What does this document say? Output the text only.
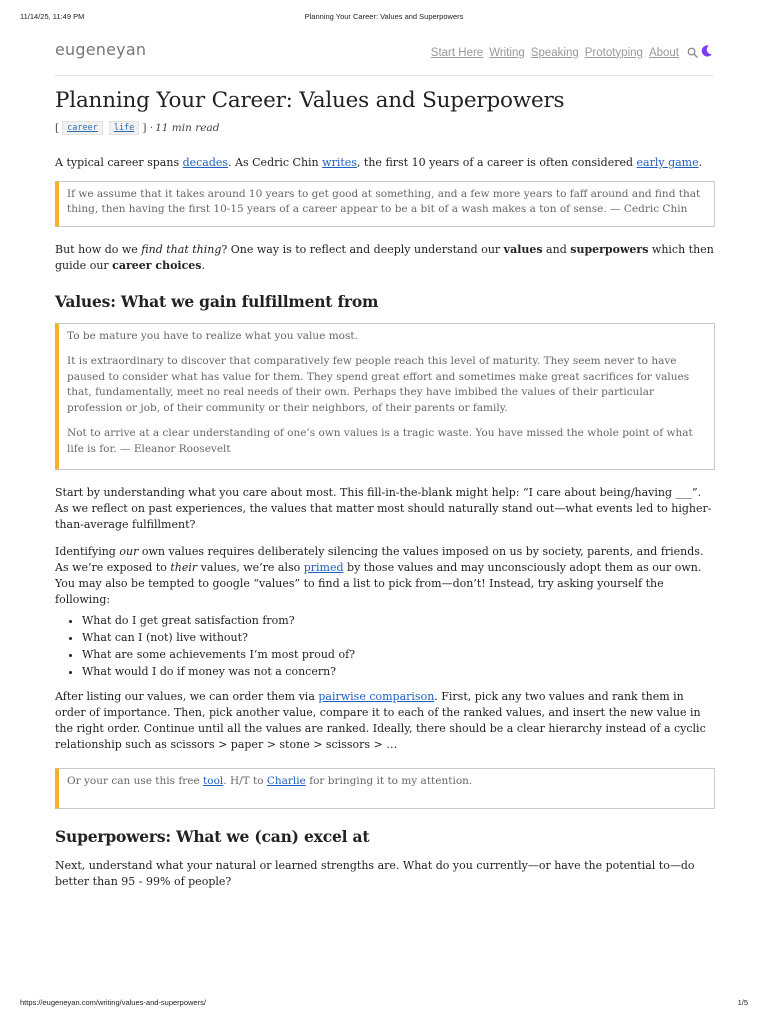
11/14/25, 11:49 PM	Planning Your Career: Values and Superpowers
eugeneyan	Start Here Writing Speaking Prototyping About
Planning Your Career: Values and Superpowers
[ career	life ] · 11 min read

A typical career spans decades. As Cedric Chin writes, the first 10 years of a career is often considered early game.

If we assume that it takes around 10 years to get good at something, and a few more years to faff around and find that thing, then having the first 10-15 years of a career appear to be a bit of a wash makes a ton of sense. — Cedric Chin

But how do we find that thing? One way is to reflect and deeply understand our values and superpowers which then guide our career choices.

Values: What we gain fulfillment from

To be mature you have to realize what you value most.

It is extraordinary to discover that comparatively few people reach this level of maturity. They seem never to have paused to consider what has value for them. They spend great effort and sometimes make great sacrifices for values that, fundamentally, meet no real needs of their own. Perhaps they have imbibed the values of their particular profession or job, of their community or their neighbors, of their parents or family.

Not to arrive at a clear understanding of one’s own values is a tragic waste. You have missed the whole point of what life is for. — Eleanor Roosevelt

Start by understanding what you care about most. This fill-in-the-blank might help: “I care about being/having ___”. As we reflect on past experiences, the values that matter most should naturally stand out—what events led to higher-than-average fulfillment?

Identifying our own values requires deliberately silencing the values imposed on us by society, parents, and friends. As we’re exposed to their values, we’re also primed by those values and may unconsciously adopt them as our own. You may also be tempted to google “values” to find a list to pick from—don’t! Instead, try asking yourself the following:

• What do I get great satisfaction from?
• What can I (not) live without?
• What are some achievements I’m most proud of?
• What would I do if money was not a concern?

After listing our values, we can order them via pairwise comparison. First, pick any two values and rank them in order of importance. Then, pick another value, compare it to each of the ranked values, and insert the new value in the right order. Continue until all the values are ranked. Ideally, there should be a clear hierarchy instead of a cyclic relationship such as scissors > paper > stone > scissors > …

Or your can use this free tool. H/T to Charlie for bringing it to my attention.

Superpowers: What we (can) excel at

Next, understand what your natural or learned strengths are. What do you currently—or have the potential to—do better than 95 - 99% of people?

https://eugeneyan.com/writing/values-and-superpowers/	1/5
